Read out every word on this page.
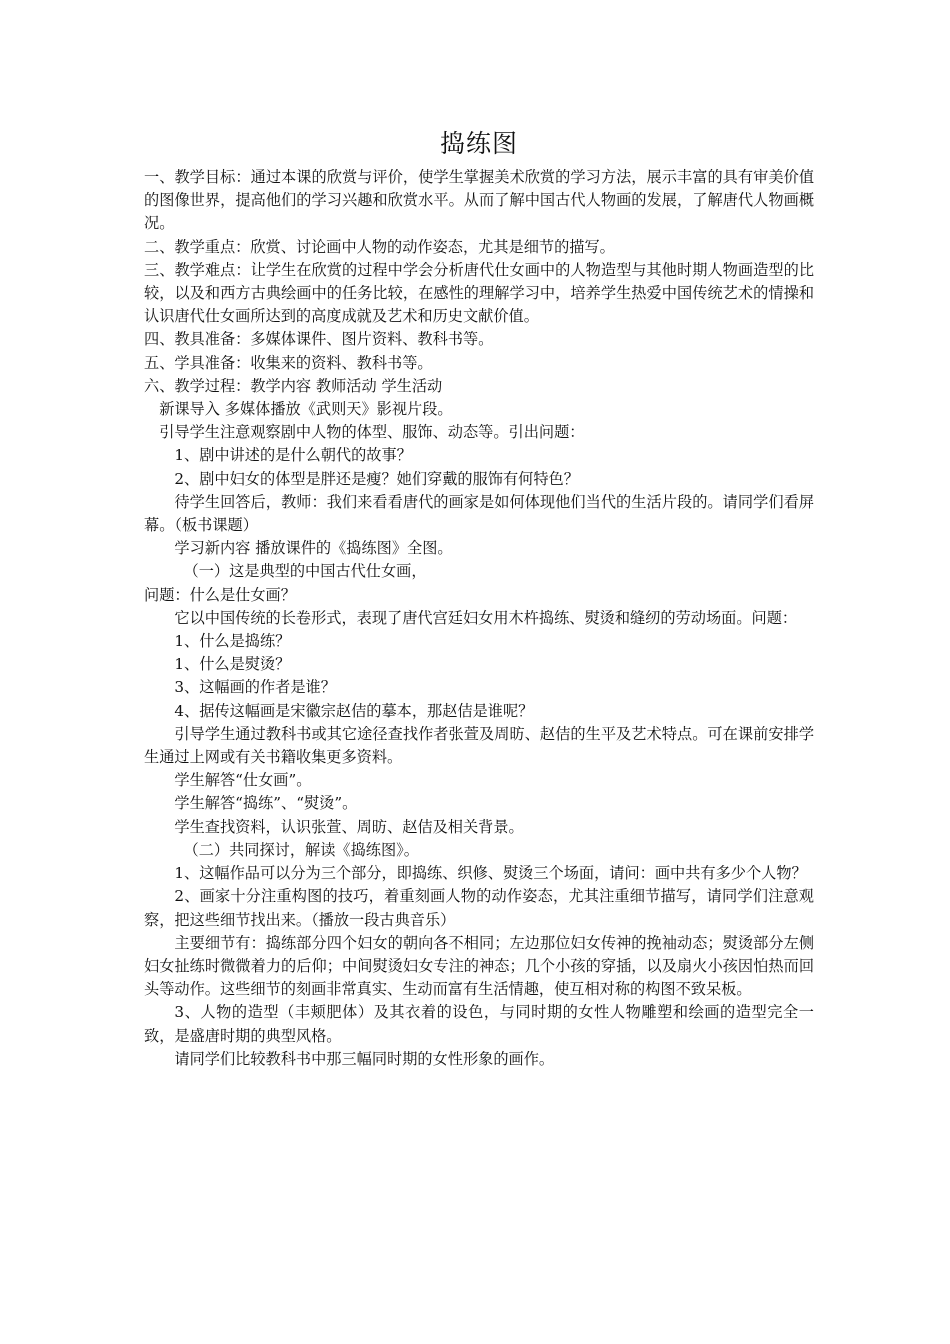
捣练图

一、教学目标：通过本课的欣赏与评价，使学生掌握美术欣赏的学习方法，展示丰富的具有审美价值的图像世界，提高他们的学习兴趣和欣赏水平。从而了解中国古代人物画的发展，了解唐代人物画概况。

二、教学重点：欣赏、讨论画中人物的动作姿态，尤其是细节的描写。

三、教学难点：让学生在欣赏的过程中学会分析唐代仕女画中的人物造型与其他时期人物画造型的比较，以及和西方古典绘画中的任务比较，在感性的理解学习中，培养学生热爱中国传统艺术的情操和认识唐代仕女画所达到的高度成就及艺术和历史文献价值。

四、教具准备：多媒体课件、图片资料、教科书等。

五、学具准备：收集来的资料、教科书等。

六、教学过程：教学内容 教师活动 学生活动

新课导入 多媒体播放《武则天》影视片段。

引导学生注意观察剧中人物的体型、服饰、动态等。引出问题：

1、剧中讲述的是什么朝代的故事？

2、剧中妇女的体型是胖还是瘦？她们穿戴的服饰有何特色？

待学生回答后，教师：我们来看看唐代的画家是如何体现他们当代的生活片段的。请同学们看屏幕。（板书课题）

学习新内容 播放课件的《捣练图》全图。

（一）这是典型的中国古代仕女画，

问题：什么是仕女画？

它以中国传统的长卷形式，表现了唐代宫廷妇女用木杵捣练、熨烫和缝纫的劳动场面。问题：

1、什么是捣练？

1、什么是熨烫？

3、这幅画的作者是谁？

4、据传这幅画是宋徽宗赵佶的摹本，那赵佶是谁呢？

引导学生通过教科书或其它途径查找作者张萱及周昉、赵佶的生平及艺术特点。可在课前安排学生通过上网或有关书籍收集更多资料。

学生解答“仕女画”。

学生解答“捣练”、“熨烫”。

学生查找资料，认识张萱、周昉、赵佶及相关背景。

（二）共同探讨，解读《捣练图》。

1、这幅作品可以分为三个部分，即捣练、织修、熨烫三个场面，请问：画中共有多少个人物？

2、画家十分注重构图的技巧，着重刻画人物的动作姿态，尤其注重细节描写，请同学们注意观察，把这些细节找出来。（播放一段古典音乐）

主要细节有：捣练部分四个妇女的朝向各不相同；左边那位妇女传神的挽袖动态；熨烫部分左侧妇女扯练时微微着力的后仰；中间熨烫妇女专注的神态；几个小孩的穿插，以及扇火小孩因怕热而回头等动作。这些细节的刻画非常真实、生动而富有生活情趣，使互相对称的构图不致呆板。

3、人物的造型（丰颊肥体）及其衣着的设色，与同时期的女性人物雕塑和绘画的造型完全一致，是盛唐时期的典型风格。

请同学们比较教科书中那三幅同时期的女性形象的画作。
